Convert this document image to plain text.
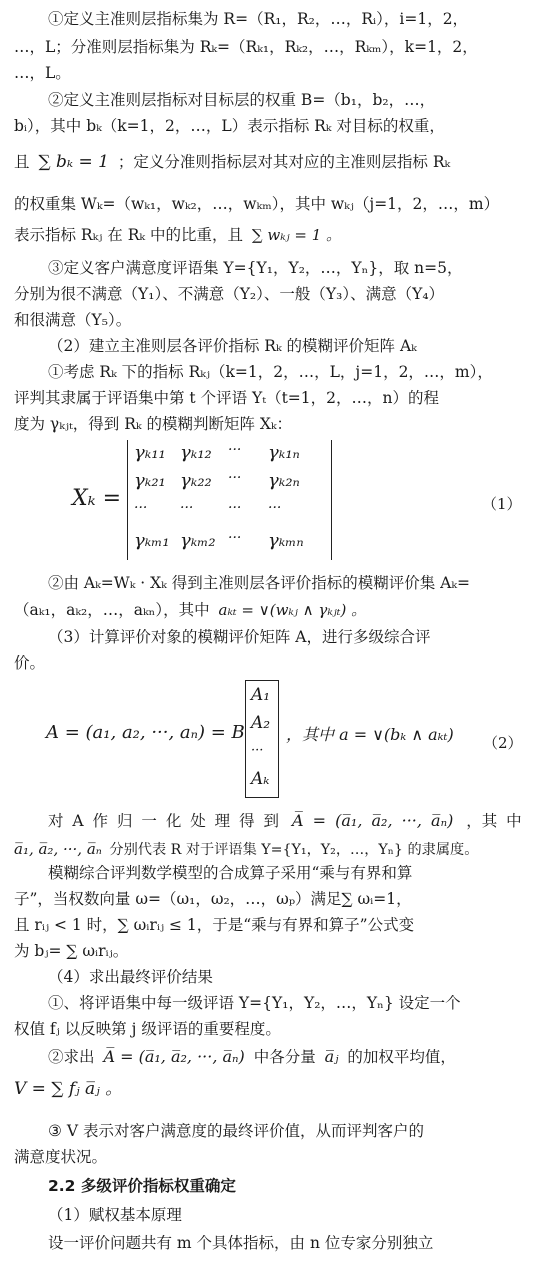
①定义主准则层指标集为 R=（R₁，R₂，…，Rᵢ），i=1，2，
…，L；分准则层指标集为 Rₖ=（Rₖ₁，Rₖ₂，…，Rₖₘ），k=1，2，
…，L。
②定义主准则层指标对目标层的权重 B=（b₁，b₂，…，
bᵢ），其中 bₖ（k=1，2，…，L）表示指标 Rₖ 对目标的权重，
且 ∑ bₖ = 1 ；定义分准则指标层对其对应的主准则层指标 Rₖ
的权重集 Wₖ=（wₖ₁，wₖ₂，…，wₖₘ），其中 wₖⱼ（j=1，2，…，m）
表示指标 Rₖⱼ 在 Rₖ 中的比重，且 ∑ wₖⱼ = 1 。
③定义客户满意度评语集 Y={Y₁，Y₂，…，Yₙ}，取 n=5，
分别为很不满意（Y₁）、不满意（Y₂）、一般（Y₃）、满意（Y₄）
和很满意（Y₅）。
（2）建立主准则层各评价指标 Rₖ 的模糊评价矩阵 Aₖ
①考虑 Rₖ 下的指标 Rₖⱼ（k=1，2，…，L，j=1，2，…，m），
评判其隶属于评语集中第 t 个评语 Yₜ（t=1，2，…，n）的程
度为 γₖⱼₜ，得到 Rₖ 的模糊判断矩阵 Xₖ：
Xₖ =
γₖ₁₁ γₖ₁₂ ··· γₖ₁ₙ
γₖ₂₁ γₖ₂₂ ··· γₖ₂ₙ
··· ··· ··· ···
γₖₘ₁ γₖₘ₂ ··· γₖₘₙ
（1）
②由 Aₖ=Wₖ · Xₖ 得到主准则层各评价指标的模糊评价集 Aₖ=
（aₖ₁，aₖ₂，…，aₖₙ），其中 aₖₜ = ∨(wₖⱼ ∧ γₖⱼₜ) 。
（3）计算评价对象的模糊评价矩阵 A，进行多级综合评
价。
A = (a₁, a₂, ···, aₙ) = B
A₁
A₂
···
Aₖ
，其中 a = ∨(bₖ ∧ aₖₜ) （2）
对 A 作 归 一 化 处 理 得 到 A̅ = (a̅₁, a̅₂, ···, a̅ₙ) ，其 中
a̅₁, a̅₂, ···, a̅ₙ 分别代表 R 对于评语集 Y={Y₁，Y₂，…，Yₙ} 的隶属度。
模糊综合评判数学模型的合成算子采用“乘与有界和算
子”，当权数向量 ω=（ω₁，ω₂，…，ωₚ）满足∑ ωᵢ=1，
且 rᵢⱼ < 1 时，∑ ωᵢrᵢⱼ ≤ 1，于是“乘与有界和算子”公式变
为 bⱼ= ∑ ωᵢrᵢⱼ。
（4）求出最终评价结果
①、将评语集中每一级评语 Y={Y₁，Y₂，…，Yₙ} 设定一个
权值 fⱼ 以反映第 j 级评语的重要程度。
②求出 A̅ = (a̅₁, a̅₂, ···, a̅ₙ) 中各分量 a̅ⱼ 的加权平均值，
V = ∑ fⱼ a̅ⱼ 。
③ V 表示对客户满意度的最终评价值，从而评判客户的
满意度状况。
2.2 多级评价指标权重确定
（1）赋权基本原理
设一评价问题共有 m 个具体指标，由 n 位专家分别独立
